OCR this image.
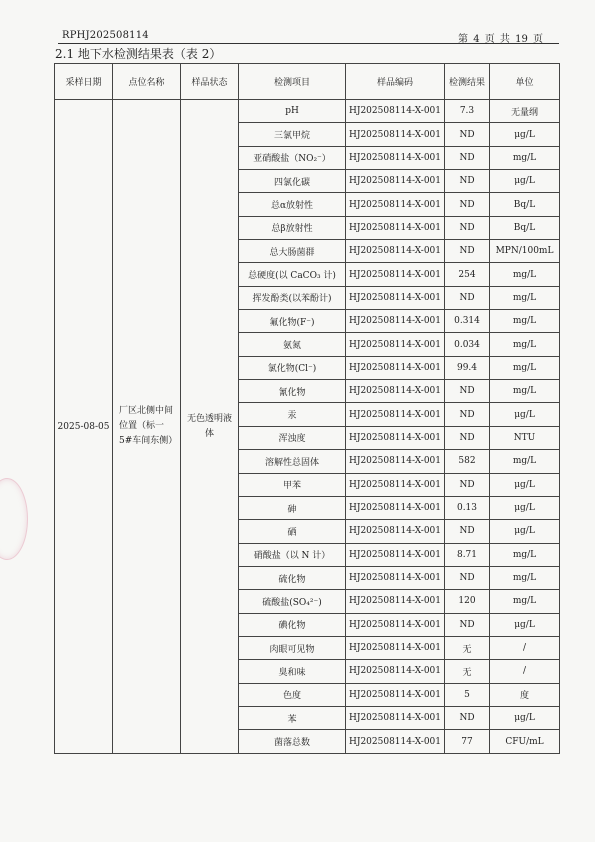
RPHJ202508114	第 4 页 共 19 页
2.1 地下水检测结果表（表 2）
采样日期	点位名称	样品状态	检测项目	样品编码	检测结果	单位
2025-08-05	厂区北侧中间位置（标一 5#车间东侧）	无色透明液体	pH	HJ202508114-X-001	7.3	无量纲
			三氯甲烷	HJ202508114-X-001	ND	μg/L
			亚硝酸盐（NO₂⁻）	HJ202508114-X-001	ND	mg/L
			四氯化碳	HJ202508114-X-001	ND	μg/L
			总α放射性	HJ202508114-X-001	ND	Bq/L
			总β放射性	HJ202508114-X-001	ND	Bq/L
			总大肠菌群	HJ202508114-X-001	ND	MPN/100mL
			总硬度(以 CaCO₃ 计)	HJ202508114-X-001	254	mg/L
			挥发酚类(以苯酚计)	HJ202508114-X-001	ND	mg/L
			氟化物(F⁻)	HJ202508114-X-001	0.314	mg/L
			氨氮	HJ202508114-X-001	0.034	mg/L
			氯化物(Cl⁻)	HJ202508114-X-001	99.4	mg/L
			氰化物	HJ202508114-X-001	ND	mg/L
			汞	HJ202508114-X-001	ND	μg/L
			浑浊度	HJ202508114-X-001	ND	NTU
			溶解性总固体	HJ202508114-X-001	582	mg/L
			甲苯	HJ202508114-X-001	ND	μg/L
			砷	HJ202508114-X-001	0.13	μg/L
			硒	HJ202508114-X-001	ND	μg/L
			硝酸盐（以 N 计）	HJ202508114-X-001	8.71	mg/L
			硫化物	HJ202508114-X-001	ND	mg/L
			硫酸盐(SO₄²⁻)	HJ202508114-X-001	120	mg/L
			碘化物	HJ202508114-X-001	ND	μg/L
			肉眼可见物	HJ202508114-X-001	无	/
			臭和味	HJ202508114-X-001	无	/
			色度	HJ202508114-X-001	5	度
			苯	HJ202508114-X-001	ND	μg/L
			菌落总数	HJ202508114-X-001	77	CFU/mL
